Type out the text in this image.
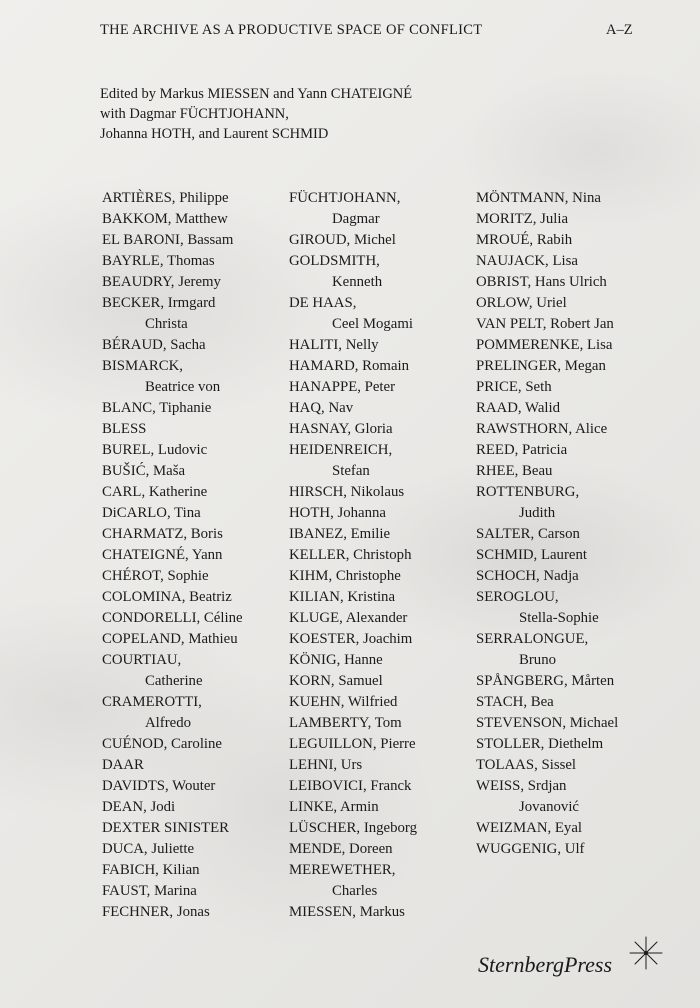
THE ARCHIVE AS A PRODUCTIVE SPACE OF CONFLICT	A–Z
Edited by Markus MIESSEN and Yann CHATEIGNÉ
with Dagmar FÜCHTJOHANN,
Johanna HOTH, and Laurent SCHMID
ARTIÈRES, Philippe
BAKKOM, Matthew
EL BARONI, Bassam
BAYRLE, Thomas
BEAUDRY, Jeremy
BECKER, Irmgard
Christa
BÉRAUD, Sacha
BISMARCK,
Beatrice von
BLANC, Tiphanie
BLESS
BUREL, Ludovic
BUŠIĆ, Maša
CARL, Katherine
DiCARLO, Tina
CHARMATZ, Boris
CHATEIGNÉ, Yann
CHÉROT, Sophie
COLOMINA, Beatriz
CONDORELLI, Céline
COPELAND, Mathieu
COURTIAU,
Catherine
CRAMEROTTI,
Alfredo
CUÉNOD, Caroline
DAAR
DAVIDTS, Wouter
DEAN, Jodi
DEXTER SINISTER
DUCA, Juliette
FABICH, Kilian
FAUST, Marina
FECHNER, Jonas
FÜCHTJOHANN,
Dagmar
GIROUD, Michel
GOLDSMITH,
Kenneth
DE HAAS,
Ceel Mogami
HALITI, Nelly
HAMARD, Romain
HANAPPE, Peter
HAQ, Nav
HASNAY, Gloria
HEIDENREICH,
Stefan
HIRSCH, Nikolaus
HOTH, Johanna
IBANEZ, Emilie
KELLER, Christoph
KIHM, Christophe
KILIAN, Kristina
KLUGE, Alexander
KOESTER, Joachim
KÖNIG, Hanne
KORN, Samuel
KUEHN, Wilfried
LAMBERTY, Tom
LEGUILLON, Pierre
LEHNI, Urs
LEIBOVICI, Franck
LINKE, Armin
LÜSCHER, Ingeborg
MENDE, Doreen
MEREWETHER,
Charles
MIESSEN, Markus
MÖNTMANN, Nina
MORITZ, Julia
MROUÉ, Rabih
NAUJACK, Lisa
OBRIST, Hans Ulrich
ORLOW, Uriel
VAN PELT, Robert Jan
POMMERENKE, Lisa
PRELINGER, Megan
PRICE, Seth
RAAD, Walid
RAWSTHORN, Alice
REED, Patricia
RHEE, Beau
ROTTENBURG,
Judith
SALTER, Carson
SCHMID, Laurent
SCHOCH, Nadja
SEROGLOU,
Stella-Sophie
SERRALONGUE,
Bruno
SPÅNGBERG, Mårten
STACH, Bea
STEVENSON, Michael
STOLLER, Diethelm
TOLAAS, Sissel
WEISS, Srdjan
Jovanović
WEIZMAN, Eyal
WUGGENIG, Ulf
SternbergPress
